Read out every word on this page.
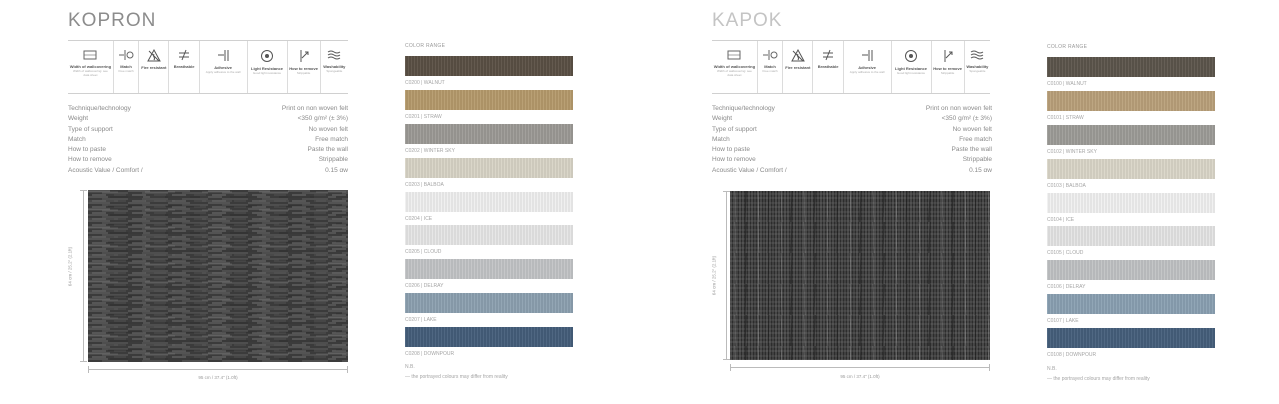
KOPRON
Width of wallcovering
Width of wallcovering: see data sheet
Match
Free match
Fire resistant Breathable	Adhesive
Apply adhesive to the wall
Light Resistance
Good light resistance
How to remove
Strippable
Washability
Spongeable
Technique/technology	Print on non woven felt
Weight	<350 g/m² (± 3%)
Type of support	No woven felt
Match	Free match
How to paste	Paste the wall
How to remove	Strippable
Acoustic Value / Comfort /	0.15 αw
64 cm / 25.2" (2.1ft)
95 cm / 37.4" (1.0ft)
COLOR RANGE
C0200 | WALNUT
C0201 | STRAW
C0202 | WINTER SKY
C0203 | BALBOA
C0204 | ICE
C0205 | CLOUD
C0206 | DELRAY
C0207 | LAKE
C0208 | DOWNPOUR
N.B.
— the portrayed colours may differ from reality
KAPOK
Width of wallcovering
Width of wallcovering: see data sheet
Match
Free match
Fire resistant Breathable	Adhesive
Apply adhesive to the wall
Light Resistance
Good light resistance
How to remove
Strippable
Washability
Spongeable
Technique/technology	Print on non woven felt
Weight	<350 g/m² (± 3%)
Type of support	No woven felt
Match	Free match
How to paste	Paste the wall
How to remove	Strippable
Acoustic Value / Comfort /	0.15 αw
64 cm / 25.2" (2.1ft)
95 cm / 37.4" (1.0ft)
COLOR RANGE
C0100 | WALNUT
C0101 | STRAW
C0102 | WINTER SKY
C0103 | BALBOA
C0104 | ICE
C0105 | CLOUD
C0106 | DELRAY
C0107 | LAKE
C0108 | DOWNPOUR
N.B.
— the portrayed colours may differ from reality
